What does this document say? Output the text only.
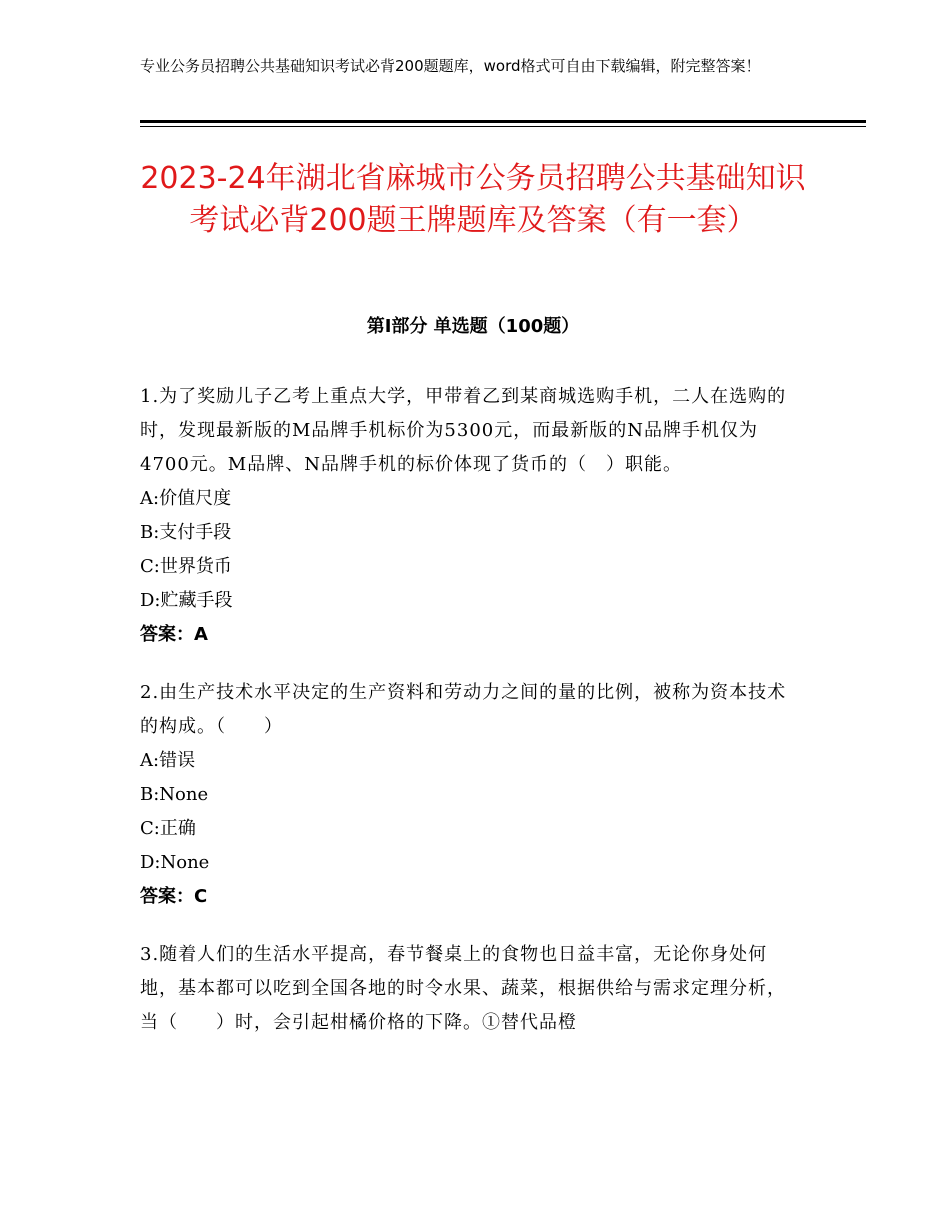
专业公务员招聘公共基础知识考试必背200题题库，word格式可自由下载编辑，附完整答案！
2023-24年湖北省麻城市公务员招聘公共基础知识考试必背200题王牌题库及答案（有一套）
第Ⅰ部分 单选题（100题）
1.为了奖励儿子乙考上重点大学，甲带着乙到某商城选购手机，二人在选购的时，发现最新版的M品牌手机标价为5300元，而最新版的N品牌手机仅为4700元。M品牌、N品牌手机的标价体现了货币的（　）职能。
A:价值尺度
B:支付手段
C:世界货币
D:贮藏手段
答案：A
2.由生产技术水平决定的生产资料和劳动力之间的量的比例，被称为资本技术的构成。（　　）
A:错误
B:None
C:正确
D:None
答案：C
3.随着人们的生活水平提高，春节餐桌上的食物也日益丰富，无论你身处何地，基本都可以吃到全国各地的时令水果、蔬菜，根据供给与需求定理分析，当（　　）时，会引起柑橘价格的下降。①替代品橙
